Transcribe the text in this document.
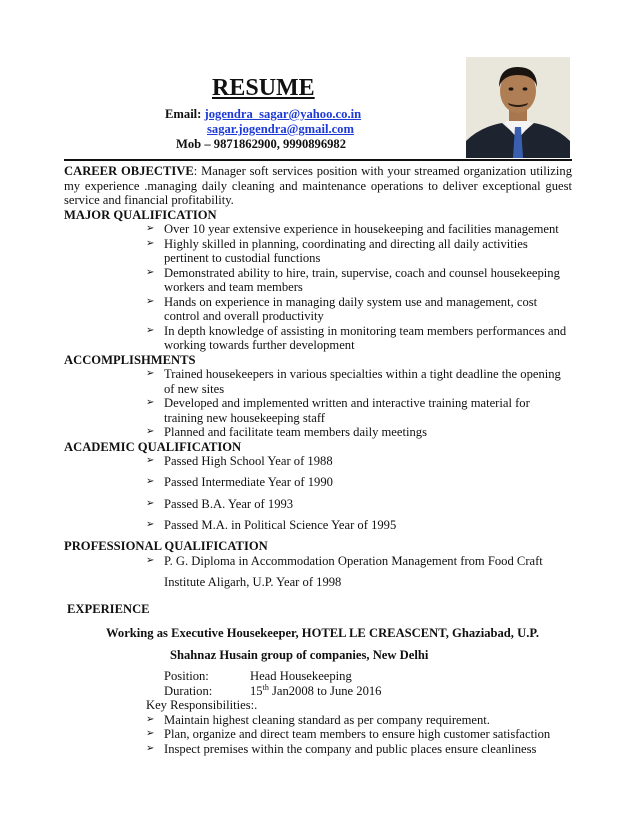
RESUME
Email: jogendra_sagar@yahoo.co.in
sagar.jogendra@gmail.com
Mob – 9871862900, 9990896982
CAREER OBJECTIVE: Manager soft services position with your streamed organization utilizing my experience .managing daily cleaning and maintenance operations to deliver exceptional guest service and financial profitability.
MAJOR QUALIFICATION
➢ Over 10 year extensive experience in housekeeping and facilities management
➢ Highly skilled in planning, coordinating and directing all daily activities pertinent to custodial functions
➢ Demonstrated ability to hire, train, supervise, coach and counsel housekeeping workers and team members
➢ Hands on experience in managing daily system use and management, cost control and overall productivity
➢ In depth knowledge of assisting in monitoring team members performances and working towards further development
ACCOMPLISHMENTS
➢ Trained housekeepers in various specialties within a tight deadline the opening of new sites
➢ Developed and implemented written and interactive training material for training new housekeeping staff
➢ Planned and facilitate team members daily meetings
ACADEMIC QUALIFICATION
➢ Passed High School Year of 1988
➢ Passed Intermediate Year of 1990
➢ Passed B.A. Year of 1993
➢ Passed M.A. in Political Science Year of 1995
PROFESSIONAL QUALIFICATION
➢ P. G. Diploma in Accommodation Operation Management from Food Craft
Institute Aligarh, U.P. Year of 1998
EXPERIENCE
Working as Executive Housekeeper, HOTEL LE CREASCENT, Ghaziabad, U.P.
Shahnaz Husain group of companies, New Delhi
Position:	Head Housekeeping
Duration:	15th Jan2008 to June 2016
Key Responsibilities:.
➢ Maintain highest cleaning standard as per company requirement.
➢ Plan, organize and direct team members to ensure high customer satisfaction
➢ Inspect premises within the company and public places ensure cleanliness
